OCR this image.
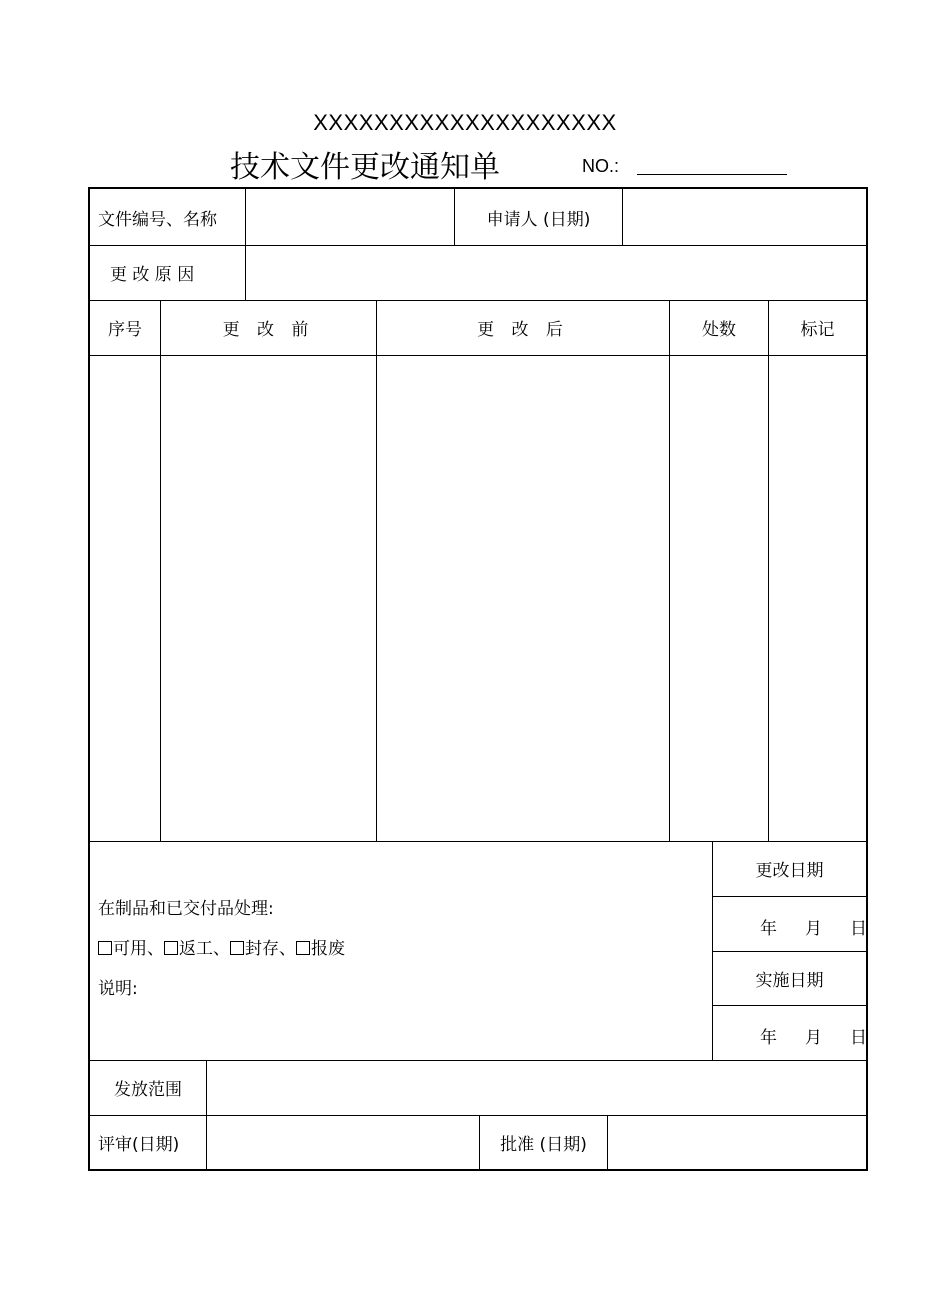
XXXXXXXXXXXXXXXXXXXX
技术文件更改通知单	NO.:
文件编号、名称	申请人 (日期)
更 改 原 因
序号	更 改 前	更 改 后	处数	标记
在制品和已交付品处理:
可用、 返工、 封存、 报废
说明:
更改日期
年 月 日
实施日期
年 月 日
发放范围
评审(日期)	批准 (日期)
